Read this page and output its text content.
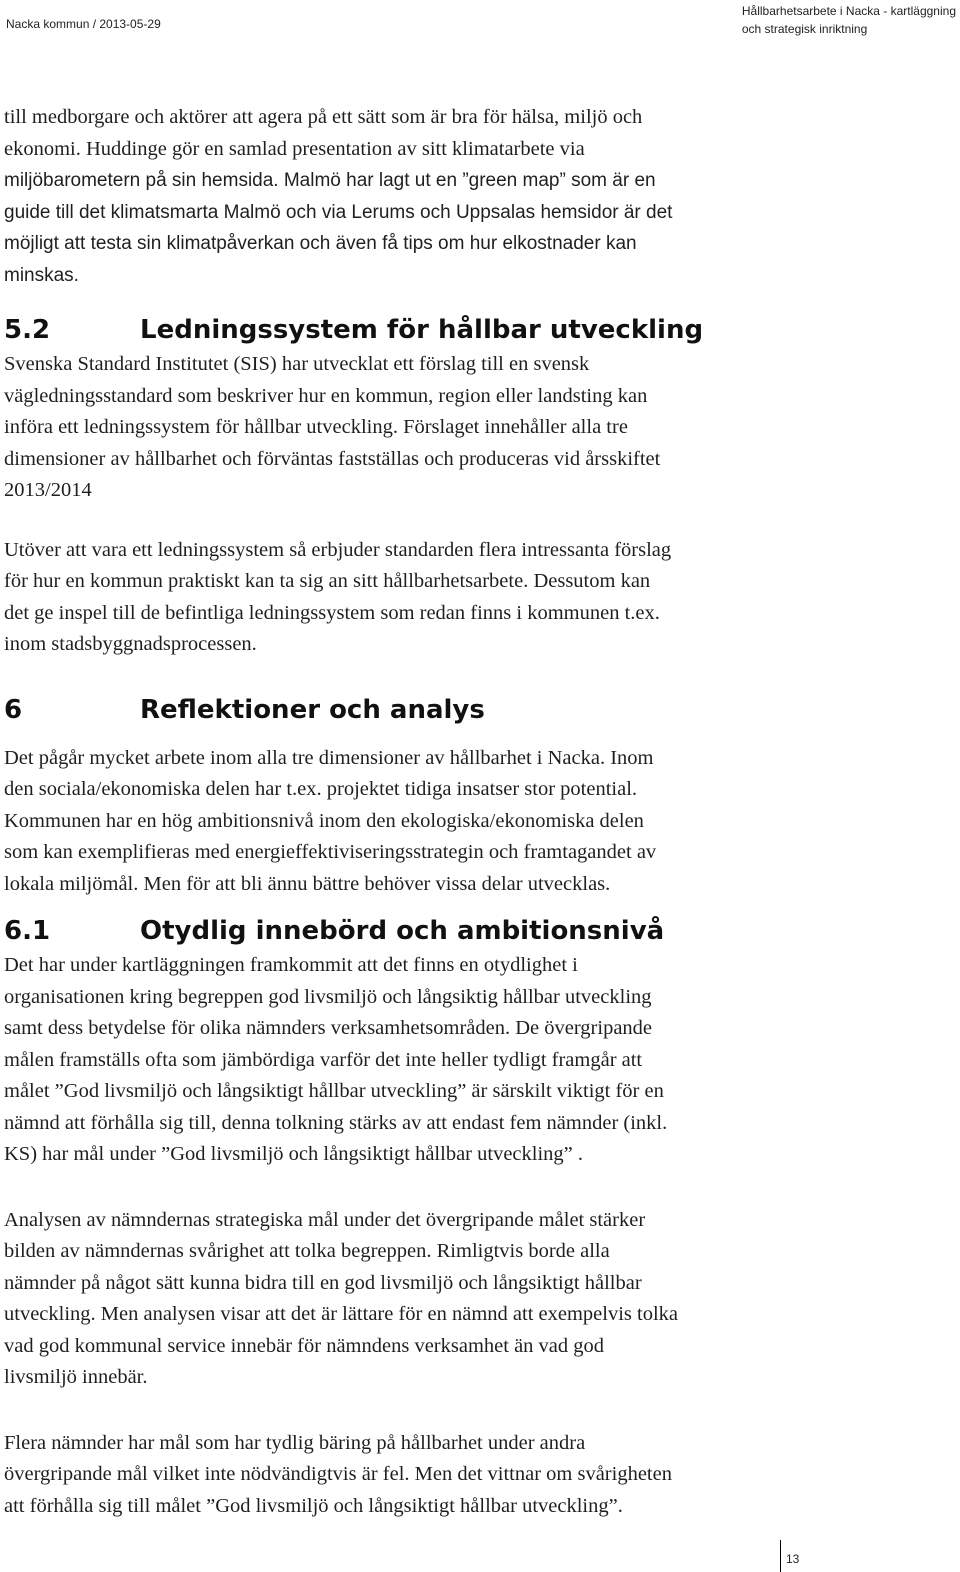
Nacka kommun / 2013-05-29
Hållbarhetsarbete i Nacka - kartläggning
och strategisk inriktning

till medborgare och aktörer att agera på ett sätt som är bra för hälsa, miljö och

ekonomi. Huddinge gör en samlad presentation av sitt klimatarbete via

miljöbarometern på sin hemsida. Malmö har lagt ut en ”green map” som är en

guide till det klimatsmarta Malmö och via Lerums och Uppsalas hemsidor är det

möjligt att testa sin klimatpåverkan och även få tips om hur elkostnader kan

minskas.

5.2	Ledningssystem för hållbar utveckling

Svenska Standard Institutet (SIS) har utvecklat ett förslag till en svensk

vägledningsstandard som beskriver hur en kommun, region eller landsting kan

införa ett ledningssystem för hållbar utveckling. Förslaget innehåller alla tre

dimensioner av hållbarhet och förväntas fastställas och produceras vid årsskiftet

2013/2014

Utöver att vara ett ledningssystem så erbjuder standarden flera intressanta förslag

för hur en kommun praktiskt kan ta sig an sitt hållbarhetsarbete. Dessutom kan

det ge inspel till de befintliga ledningssystem som redan finns i kommunen t.ex.

inom stadsbyggnadsprocessen.

6	Reflektioner och analys

Det pågår mycket arbete inom alla tre dimensioner av hållbarhet i Nacka. Inom

den sociala/ekonomiska delen har t.ex. projektet tidiga insatser stor potential.

Kommunen har en hög ambitionsnivå inom den ekologiska/ekonomiska delen

som kan exemplifieras med energieffektiviseringsstrategin och framtagandet av

lokala miljömål. Men för att bli ännu bättre behöver vissa delar utvecklas.

6.1	Otydlig innebörd och ambitionsnivå

Det har under kartläggningen framkommit att det finns en otydlighet i

organisationen kring begreppen god livsmiljö och långsiktig hållbar utveckling

samt dess betydelse för olika nämnders verksamhetsområden. De övergripande

målen framställs ofta som jämbördiga varför det inte heller tydligt framgår att

målet ”God livsmiljö och långsiktigt hållbar utveckling” är särskilt viktigt för en

nämnd att förhålla sig till, denna tolkning stärks av att endast fem nämnder (inkl.

KS) har mål under ”God livsmiljö och långsiktigt hållbar utveckling” .

Analysen av nämndernas strategiska mål under det övergripande målet stärker

bilden av nämndernas svårighet att tolka begreppen. Rimligtvis borde alla

nämnder på något sätt kunna bidra till en god livsmiljö och långsiktigt hållbar

utveckling. Men analysen visar att det är lättare för en nämnd att exempelvis tolka

vad god kommunal service innebär för nämndens verksamhet än vad god

livsmiljö innebär.

Flera nämnder har mål som har tydlig bäring på hållbarhet under andra

övergripande mål vilket inte nödvändigtvis är fel. Men det vittnar om svårigheten

att förhålla sig till målet ”God livsmiljö och långsiktigt hållbar utveckling”.

13
